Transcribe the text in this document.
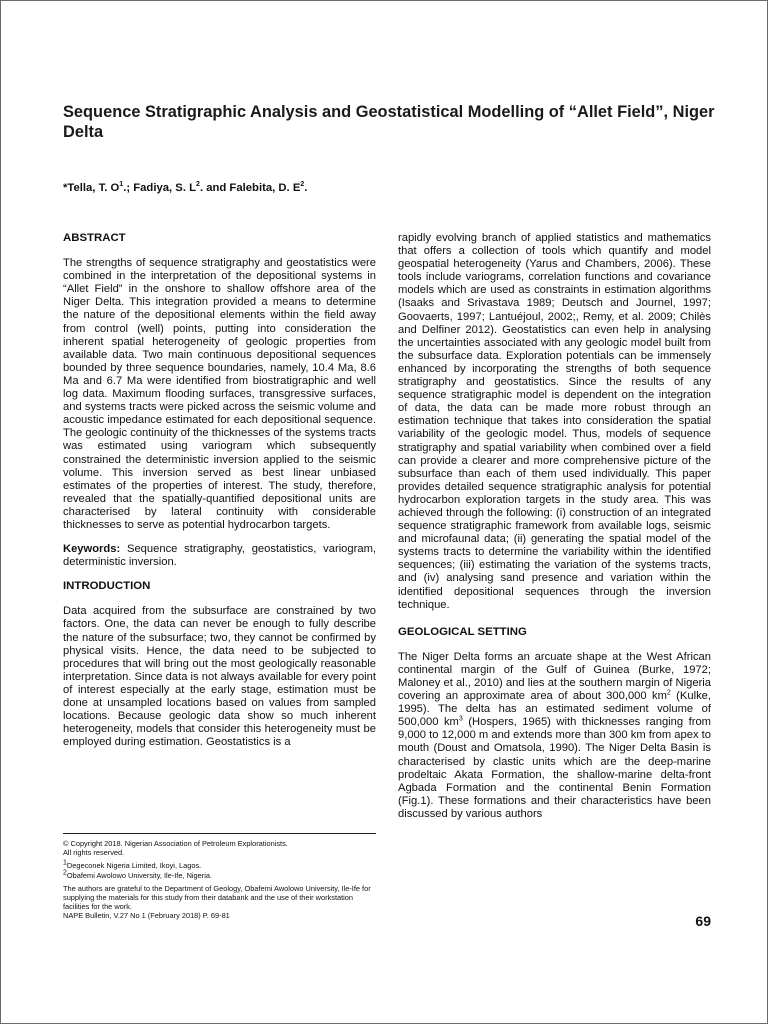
Sequence Stratigraphic Analysis and Geostatistical Modelling of “Allet Field”, Niger Delta
*Tella, T. $O^1$.; Fadiya, S. $L^2$. and Falebita, D. $E^2$.
ABSTRACT

The strengths of sequence stratigraphy and geostatistics were combined in the interpretation of the depositional systems in “Allet Field” in the onshore to shallow offshore area of the Niger Delta. This integration provided a means to determine the nature of the depositional elements within the field away from control (well) points, putting into consideration the inherent spatial heterogeneity of geologic properties from available data. Two main continuous depositional sequences bounded by three sequence boundaries, namely, 10.4 Ma, 8.6 Ma and 6.7 Ma were identified from biostratigraphic and well log data. Maximum flooding surfaces, transgressive surfaces, and systems tracts were picked across the seismic volume and acoustic impedance estimated for each depositional sequence. The geologic continuity of the thicknesses of the systems tracts was estimated using variogram which subsequently constrained the deterministic inversion applied to the seismic volume. This inversion served as best linear unbiased estimates of the properties of interest. The study, therefore, revealed that the spatially-quantified depositional units are characterised by lateral continuity with considerable thicknesses to serve as potential hydrocarbon targets.

Keywords: Sequence stratigraphy, geostatistics, variogram, deterministic inversion.

INTRODUCTION

Data acquired from the subsurface are constrained by two factors. One, the data can never be enough to fully describe the nature of the subsurface; two, they cannot be confirmed by physical visits. Hence, the data need to be subjected to procedures that will bring out the most geologically reasonable interpretation. Since data is not always available for every point of interest especially at the early stage, estimation must be done at unsampled locations based on values from sampled locations. Because geologic data show so much inherent heterogeneity, models that consider this heterogeneity must be employed during estimation. Geostatistics is a

© Copyright 2018. Nigerian Association of Petroleum Explorationists.
All rights reserved.
$^1$Degeconek Nigeria Limited, Ikoyi, Lagos.
$^2$Obafemi Awolowo University, Ile-Ife, Nigeria.
The authors are grateful to the Department of Geology, Obafemi Awolowo University, Ile-Ife for supplying the materials for this study from their databank and the use of their workstation facilities for the work.
NAPE Bulletin, V.27 No 1 (February 2018) P. 69-81

rapidly evolving branch of applied statistics and mathematics that offers a collection of tools which quantify and model geospatial heterogeneity (Yarus and Chambers, 2006). These tools include variograms, correlation functions and covariance models which are used as constraints in estimation algorithms (Isaaks and Srivastava 1989; Deutsch and Journel, 1997; Goovaerts, 1997; Lantuéjoul, 2002;, Remy, et al. 2009; Chilès and Delfiner 2012). Geostatistics can even help in analysing the uncertainties associated with any geologic model built from the subsurface data. Exploration potentials can be immensely enhanced by incorporating the strengths of both sequence stratigraphy and geostatistics. Since the results of any sequence stratigraphic model is dependent on the integration of data, the data can be made more robust through an estimation technique that takes into consideration the spatial variability of the geologic model. Thus, models of sequence stratigraphy and spatial variability when combined over a field can provide a clearer and more comprehensive picture of the subsurface than each of them used individually. This paper provides detailed sequence stratigraphic analysis for potential hydrocarbon exploration targets in the study area. This was achieved through the following: (i) construction of an integrated sequence stratigraphic framework from available logs, seismic and microfaunal data; (ii) generating the spatial model of the systems tracts to determine the variability within the identified sequences; (iii) estimating the variation of the systems tracts, and (iv) analysing sand presence and variation within the identified depositional sequences through the inversion technique.

GEOLOGICAL SETTING

The Niger Delta forms an arcuate shape at the West African continental margin of the Gulf of Guinea (Burke, 1972; Maloney et al., 2010) and lies at the southern margin of Nigeria covering an approximate area of about 300,000 $km^2$ (Kulke, 1995). The delta has an estimated sediment volume of 500,000 $km^3$ (Hospers, 1965) with thicknesses ranging from 9,000 to 12,000 m and extends more than 300 km from apex to mouth (Doust and Omatsola, 1990). The Niger Delta Basin is characterised by clastic units which are the deep-marine prodeltaic Akata Formation, the shallow-marine delta-front Agbada Formation and the continental Benin Formation (Fig.1). These formations and their characteristics have been discussed by various authors

69
